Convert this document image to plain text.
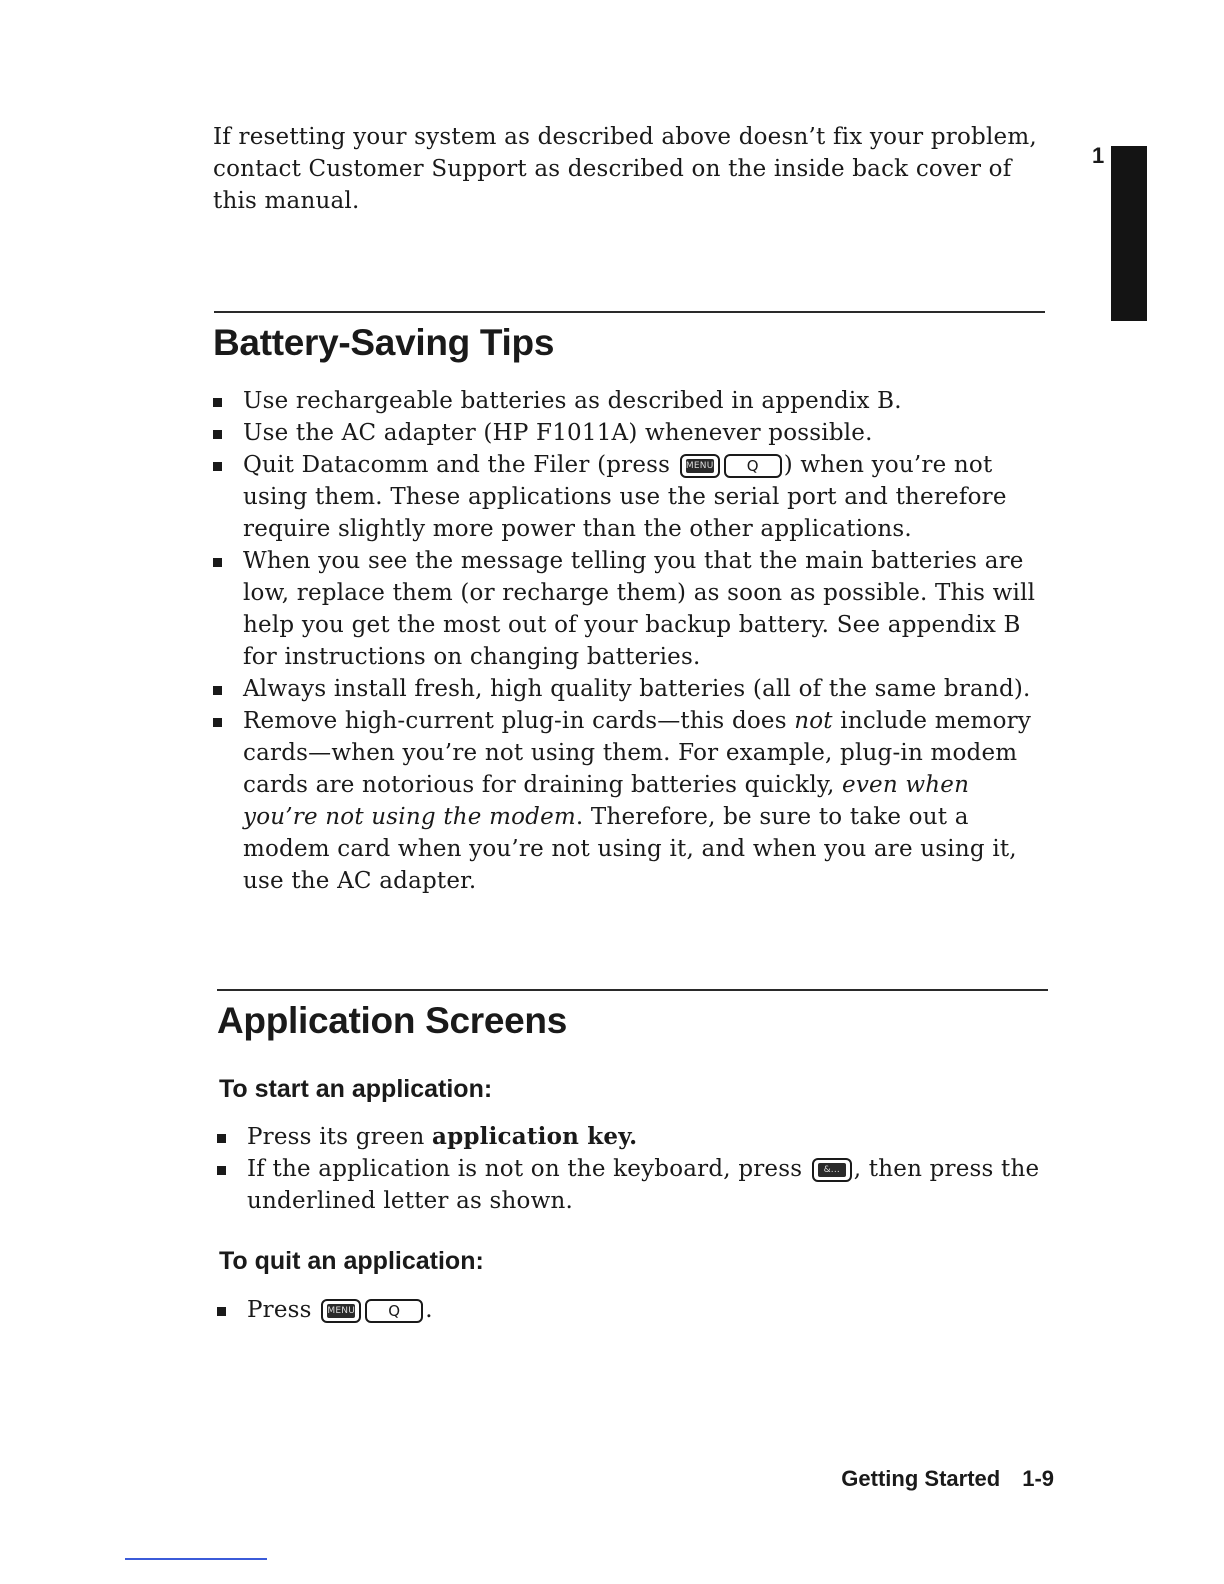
If resetting your system as described above doesn’t fix your problem, contact Customer Support as described on the inside back cover of this manual.
1
Battery-Saving Tips
Use rechargeable batteries as described in appendix B.
Use the AC adapter (HP F1011A) whenever possible.
Quit Datacomm and the Filer (press MENU Q ) when you’re not using them. These applications use the serial port and therefore require slightly more power than the other applications.
When you see the message telling you that the main batteries are low, replace them (or recharge them) as soon as possible. This will help you get the most out of your backup battery. See appendix B for instructions on changing batteries.
Always install fresh, high quality batteries (all of the same brand).
Remove high-current plug-in cards—this does not include memory cards—when you’re not using them. For example, plug-in modem cards are notorious for draining batteries quickly, even when you’re not using the modem. Therefore, be sure to take out a modem card when you’re not using it, and when you are using it, use the AC adapter.
Application Screens
To start an application:
Press its green application key.
If the application is not on the keyboard, press	&... , then press the underlined letter as shown.
To quit an application:
Press MENU Q .
Getting Started 1-9
